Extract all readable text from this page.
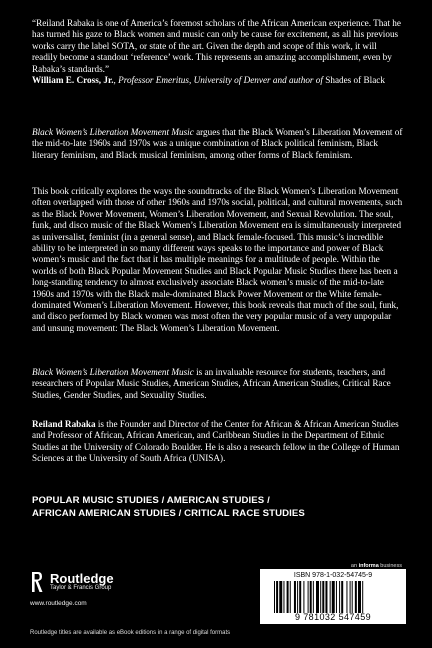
“Reiland Rabaka is one of America’s foremost scholars of the African American experience. That he has turned his gaze to Black women and music can only be cause for excitement, as all his previous works carry the label SOTA, or state of the art. Given the depth and scope of this work, it will readily become a standout ‘reference’ work. This represents an amazing accomplishment, even by Rabaka’s standards.”
William E. Cross, Jr., Professor Emeritus, University of Denver and author of Shades of Black
Black Women’s Liberation Movement Music argues that the Black Women’s Liberation Movement of the mid-to-late 1960s and 1970s was a unique combination of Black political feminism, Black literary feminism, and Black musical feminism, among other forms of Black feminism.
This book critically explores the ways the soundtracks of the Black Women’s Liberation Movement often overlapped with those of other 1960s and 1970s social, political, and cultural movements, such as the Black Power Movement, Women’s Liberation Movement, and Sexual Revolution. The soul, funk, and disco music of the Black Women’s Liberation Movement era is simultaneously interpreted as universalist, feminist (in a general sense), and Black female-focused. This music’s incredible ability to be interpreted in so many different ways speaks to the importance and power of Black women’s music and the fact that it has multiple meanings for a multitude of people. Within the worlds of both Black Popular Movement Studies and Black Popular Music Studies there has been a long-standing tendency to almost exclusively associate Black women’s music of the mid-to-late 1960s and 1970s with the Black male-dominated Black Power Movement or the White female-dominated Women’s Liberation Movement. However, this book reveals that much of the soul, funk, and disco performed by Black women was most often the very popular music of a very unpopular and unsung movement: The Black Women’s Liberation Movement.
Black Women’s Liberation Movement Music is an invaluable resource for students, teachers, and researchers of Popular Music Studies, American Studies, African American Studies, Critical Race Studies, Gender Studies, and Sexuality Studies.
Reiland Rabaka is the Founder and Director of the Center for African & African American Studies and Professor of African, African American, and Caribbean Studies in the Department of Ethnic Studies at the University of Colorado Boulder. He is also a research fellow in the College of Human Sciences at the University of South Africa (UNISA).
POPULAR MUSIC STUDIES / AMERICAN STUDIES /
AFRICAN AMERICAN STUDIES / CRITICAL RACE STUDIES
an informa business
Routledge
Taylor & Francis Group
www.routledge.com
ISBN 978-1-032-54745-9
9 781032 547459
Routledge titles are available as eBook editions in a range of digital formats
